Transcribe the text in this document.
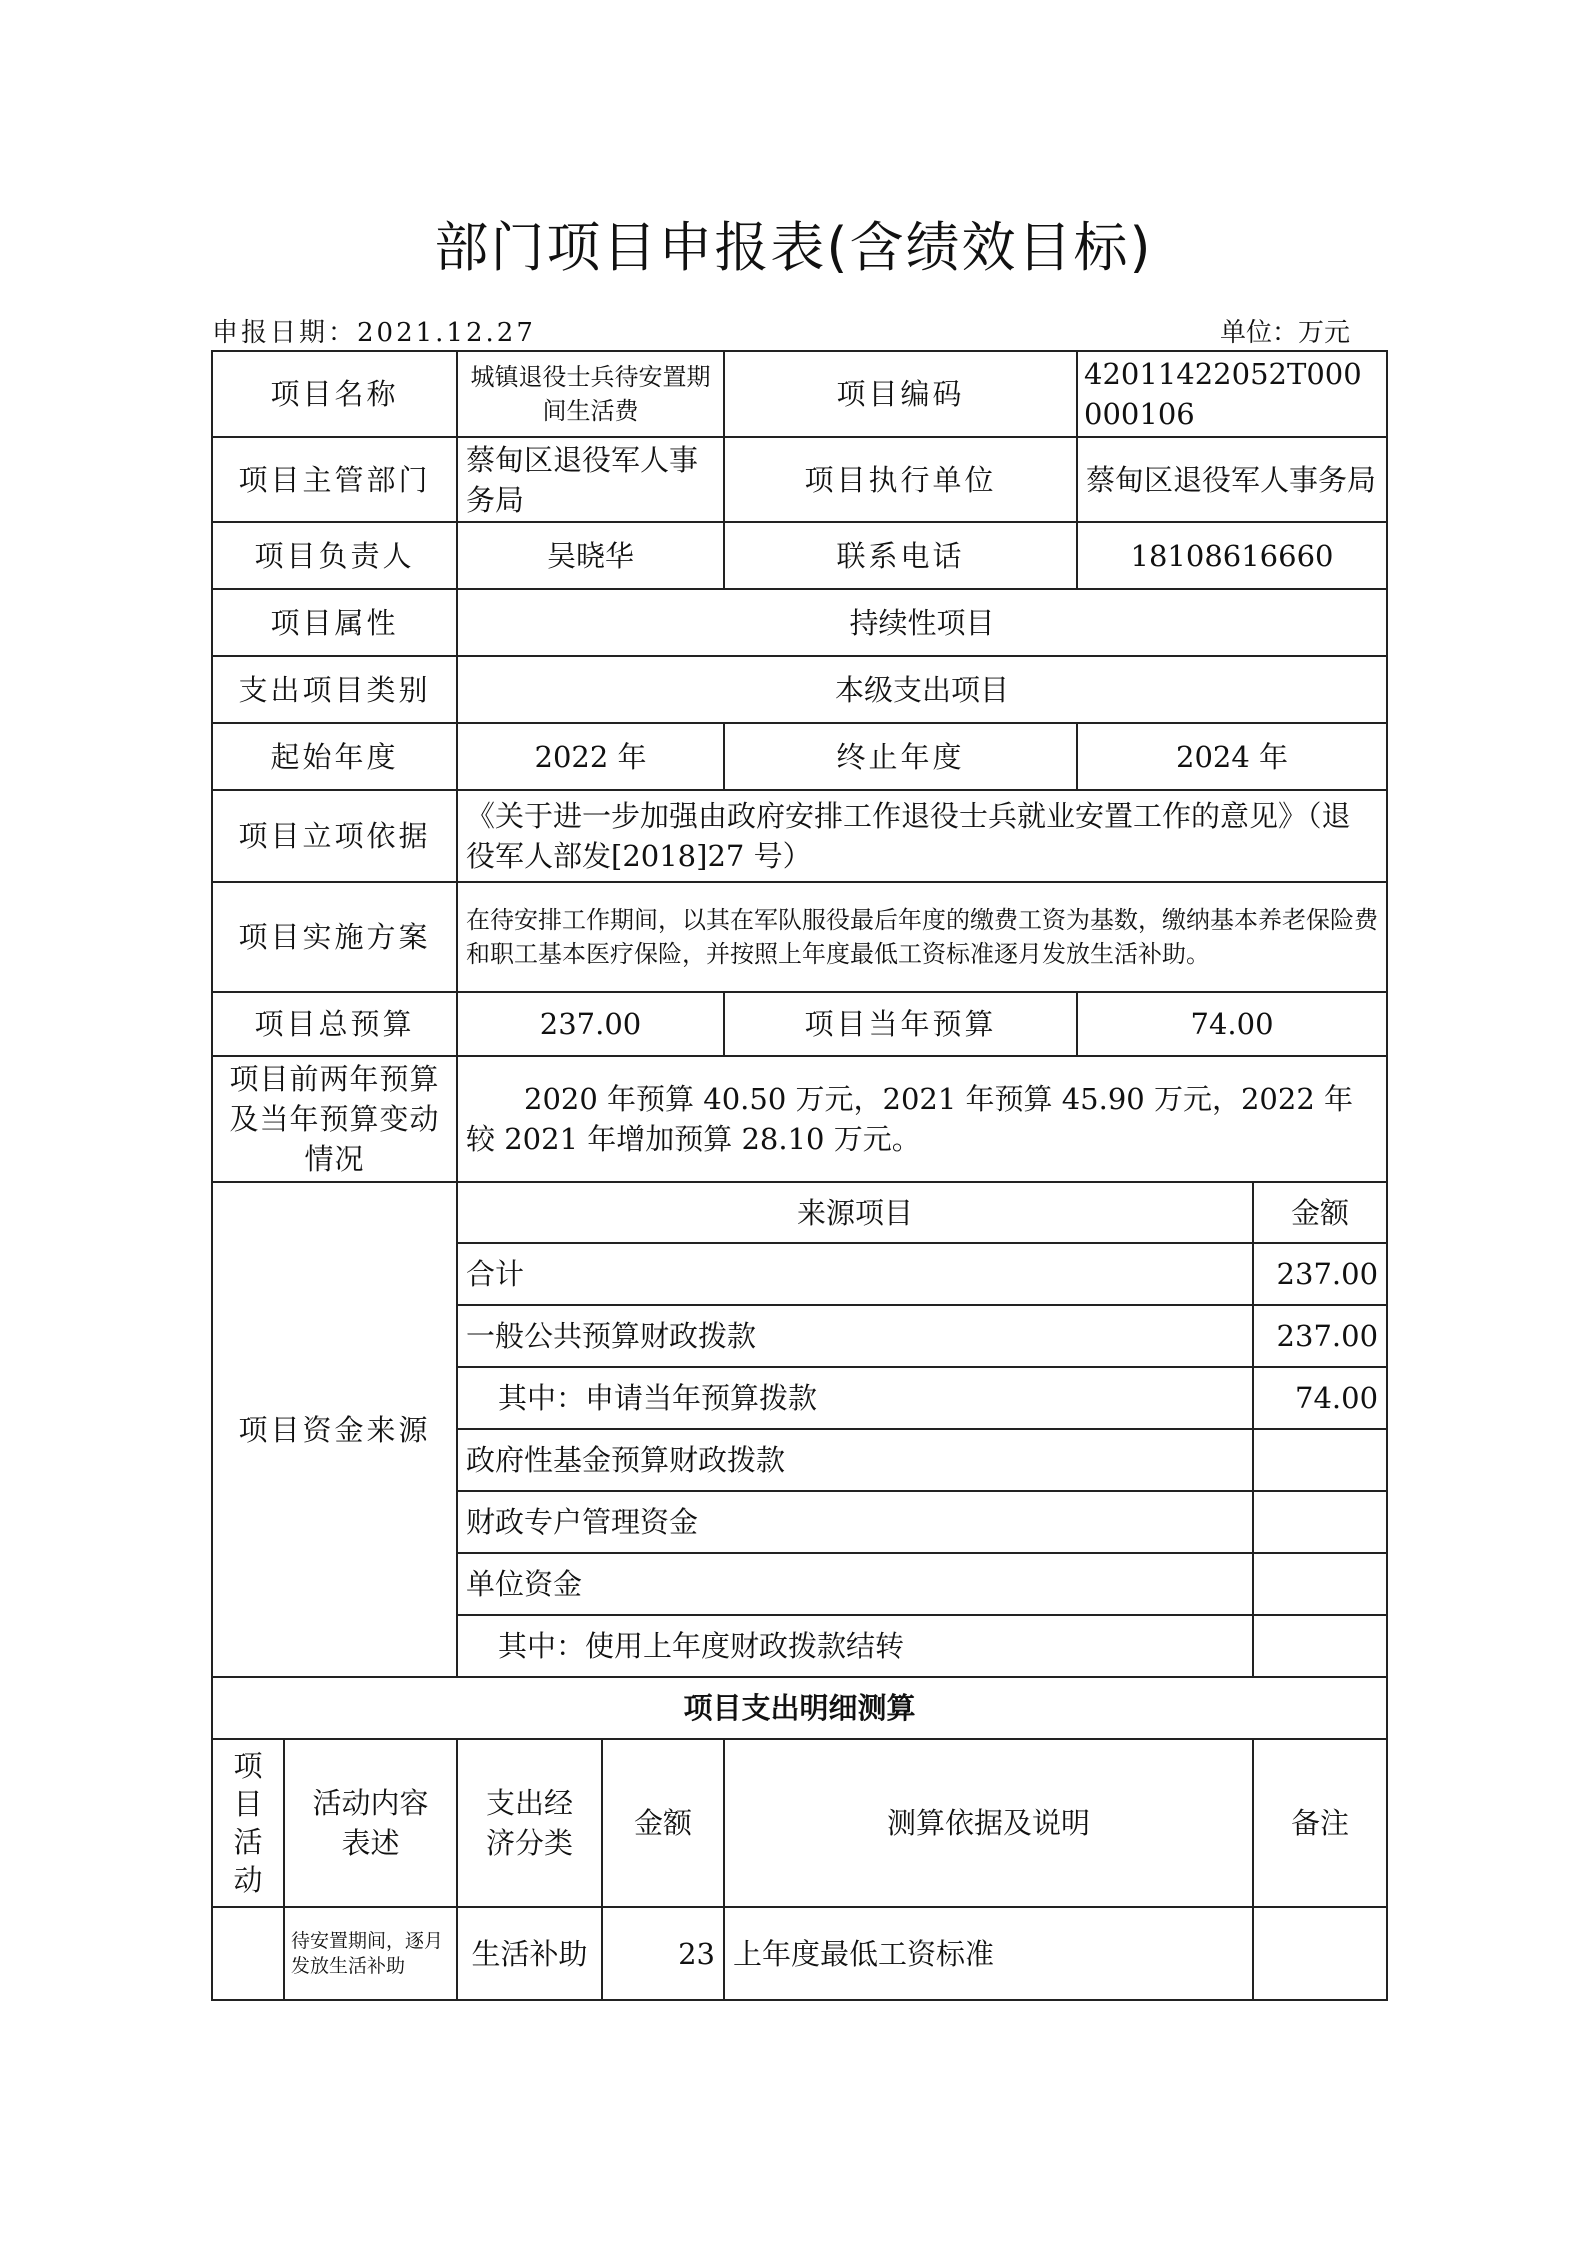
部门项目申报表(含绩效目标)
申报日期：2021.12.27	单位：万元
项目名称		城镇退役士兵待安置期间生活费		项目编码	42011422052T000000106	
项目主管部门		蔡甸区退役军人事务局		项目执行单位	蔡甸区退役军人事务局	
项目负责人		吴晓华		联系电话	18108616660	
项目属性		持续性项目				
支出项目类别		本级支出项目				
起始年度		2022 年		终止年度	2024 年	
项目立项依据		《关于进一步加强由政府安排工作退役士兵就业安置工作的意见》（退役军人部发[2018]27 号）				
项目实施方案		在待安排工作期间，以其在军队服役最后年度的缴费工资为基数，缴纳基本养老保险费和职工基本医疗保险，并按照上年度最低工资标准逐月发放生活补助。				
项目总预算		237.00		项目当年预算	74.00	
项目前两年预算及当年预算变动情况		2020 年预算 40.50 万元，2021 年预算 45.90 万元，2022 年较 2021 年增加预算 28.10 万元。				
项目资金来源		来源项目				金额
		合计				237.00
		一般公共预算财政拨款				237.00
		其中：申请当年预算拨款				74.00
		政府性基金预算财政拨款				
		财政专户管理资金				
		单位资金				
		其中：使用上年度财政拨款结转				
项目支出明细测算						
项目活动	活动内容表述	支出经济分类	金额	测算依据及说明		备注
	待安置期间，逐月发放生活补助	生活补助	23	上年度最低工资标准		
